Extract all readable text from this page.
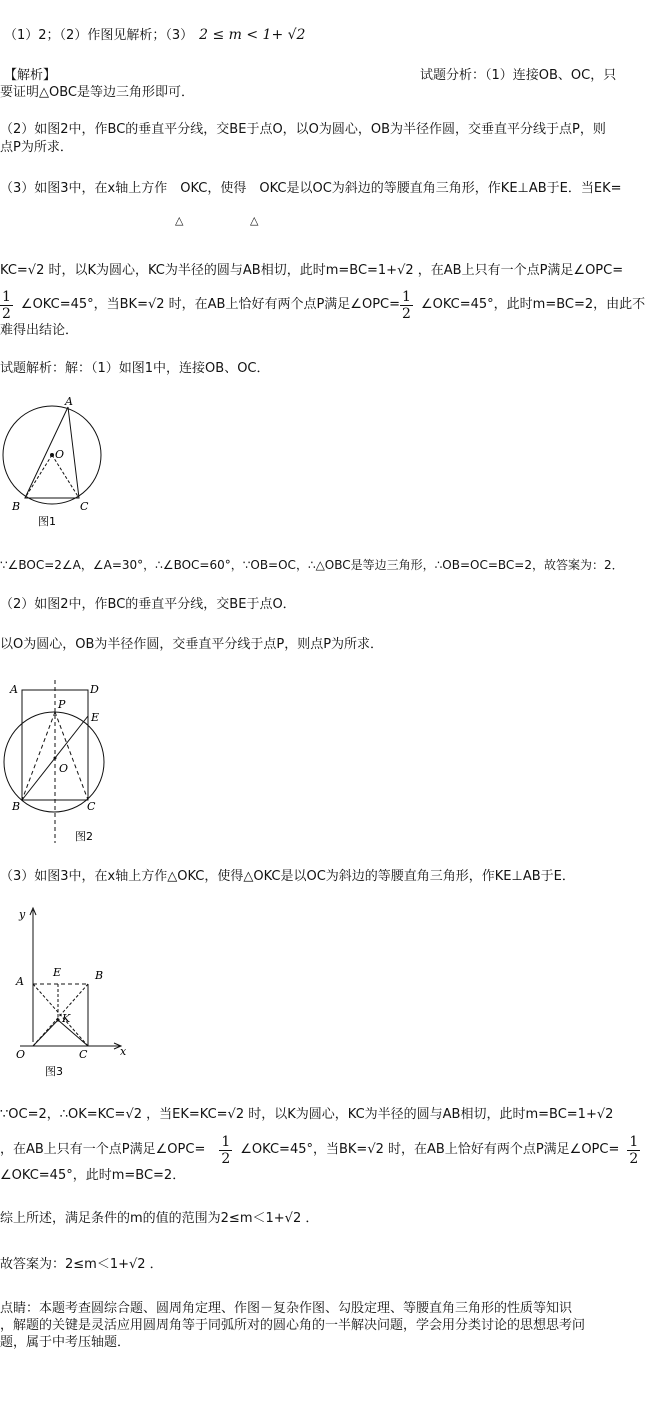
（1）2；（2）作图见解析；（3） 2 ≤ m < 1+ √2
【解析】	试题分析：（1）连接OB、OC，只
要证明△OBC是等边三角形即可．
（2）如图2中，作BC的垂直平分线，交BE于点O，以O为圆心，OB为半径作圆，交垂直平分线于点P，则
点P为所求．
（3）如图3中，在x轴上方作　OKC，使得　OKC是以OC为斜边的等腰直角三角形，作KE⊥AB于E．当EK=
△	△
KC=√2 时，以K为圆心，KC为半径的圆与AB相切，此时m=BC=1+√2 ，在AB上只有一个点P满足∠OPC=
$\frac{1}{2}$ ∠OKC=45°，当BK=√2 时，在AB上恰好有两个点P满足∠OPC= $\frac{1}{2}$ ∠OKC=45°，此时m=BC=2，由此不
难得出结论．
试题解析：解：（1）如图1中，连接OB、OC．
A
O
B	C
图1
∵∠BOC=2∠A，∠A=30°，∴∠BOC=60°，∵OB=OC，∴△OBC是等边三角形，∴OB=OC=BC=2，故答案为：2．
（2）如图2中，作BC的垂直平分线，交BE于点O．
以O为圆心，OB为半径作圆，交垂直平分线于点P，则点P为所求．
A
P
D
E
O
B	C
图2
（3）如图3中，在x轴上方作△OKC，使得△OKC是以OC为斜边的等腰直角三角形，作KE⊥AB于E．
y
E	B
A
K
O	C	x
图3
∵OC=2，∴OK=KC=√2 ，当EK=KC=√2 时，以K为圆心，KC为半径的圆与AB相切，此时m=BC=1+√2
，在AB上只有一个点P满足∠OPC= $\frac{1}{2}$ ∠OKC=45°，当BK=√2 时，在AB上恰好有两个点P满足∠OPC= $\frac{1}{2}$
∠OKC=45°，此时m=BC=2．
综上所述，满足条件的m的值的范围为2≤m＜1+√2 ．
故答案为：2≤m＜1+√2 ．
点睛：本题考查圆综合题、圆周角定理、作图－复杂作图、勾股定理、等腰直角三角形的性质等知识
，解题的关键是灵活应用圆周角等于同弧所对的圆心角的一半解决问题，学会用分类讨论的思想思考问
题，属于中考压轴题．
